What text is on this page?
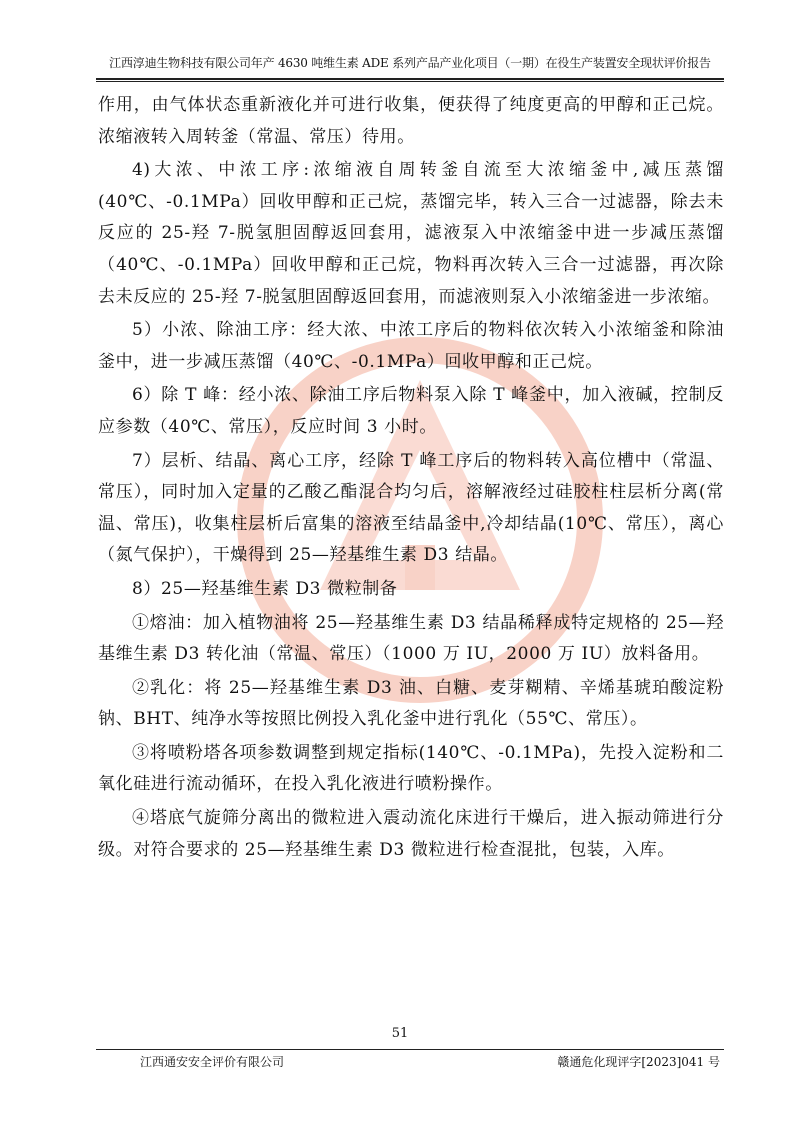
江西淳迪生物科技有限公司年产 4630 吨维生素 ADE 系列产品产业化项目（一期）在役生产装置安全现状评价报告

作用，由气体状态重新液化并可进行收集，便获得了纯度更高的甲醇和正己烷。浓缩液转入周转釜（常温、常压）待用。

4)大浓、中浓工序:浓缩液自周转釜自流至大浓缩釜中,减压蒸馏(40℃、-0.1MPa）回收甲醇和正己烷，蒸馏完毕，转入三合一过滤器，除去未反应的 25-羟 7-脱氢胆固醇返回套用，滤液泵入中浓缩釜中进一步减压蒸馏（40℃、-0.1MPa）回收甲醇和正己烷，物料再次转入三合一过滤器，再次除去未反应的 25-羟 7-脱氢胆固醇返回套用，而滤液则泵入小浓缩釜进一步浓缩。

5）小浓、除油工序：经大浓、中浓工序后的物料依次转入小浓缩釜和除油釜中，进一步减压蒸馏（40℃、-0.1MPa）回收甲醇和正己烷。

6）除 T 峰：经小浓、除油工序后物料泵入除 T 峰釜中，加入液碱，控制反应参数（40℃、常压），反应时间 3 小时。

7）层析、结晶、离心工序，经除 T 峰工序后的物料转入高位槽中（常温、常压），同时加入定量的乙酸乙酯混合均匀后，溶解液经过硅胶柱柱层析分离(常温、常压)，收集柱层析后富集的溶液至结晶釜中,冷却结晶(10℃、常压），离心（氮气保护），干燥得到 25—羟基维生素 D3 结晶。

8）25—羟基维生素 D3 微粒制备

①熔油：加入植物油将 25—羟基维生素 D3 结晶稀释成特定规格的 25—羟基维生素 D3 转化油（常温、常压）（1000 万 IU，2000 万 IU）放料备用。

②乳化：将 25—羟基维生素 D3 油、白糖、麦芽糊精、辛烯基琥珀酸淀粉钠、BHT、纯净水等按照比例投入乳化釜中进行乳化（55℃、常压）。

③将喷粉塔各项参数调整到规定指标(140℃、-0.1MPa)，先投入淀粉和二氧化硅进行流动循环，在投入乳化液进行喷粉操作。

④塔底气旋筛分离出的微粒进入震动流化床进行干燥后，进入振动筛进行分级。对符合要求的 25—羟基维生素 D3 微粒进行检查混批，包装，入库。

51
江西通安安全评价有限公司	赣通危化现评字[2023]041 号
